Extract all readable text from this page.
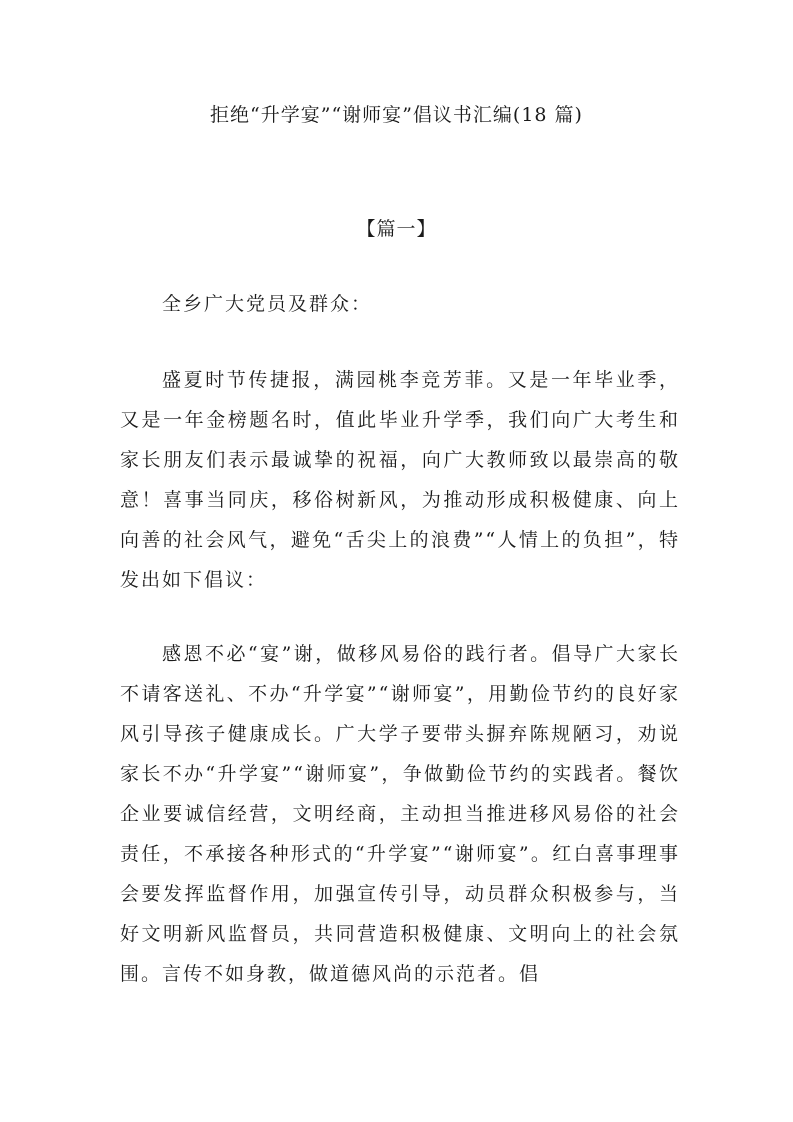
拒绝“升学宴”“谢师宴”倡议书汇编(18 篇)
【篇一】

全乡广大党员及群众：

盛夏时节传捷报，满园桃李竞芳菲。又是一年毕业季，又是一年金榜题名时，值此毕业升学季，我们向广大考生和家长朋友们表示最诚挚的祝福，向广大教师致以最崇高的敬意！喜事当同庆，移俗树新风，为推动形成积极健康、向上向善的社会风气，避免“舌尖上的浪费”“人情上的负担”，特发出如下倡议：

感恩不必“宴”谢，做移风易俗的践行者。倡导广大家长不请客送礼、不办“升学宴”“谢师宴”，用勤俭节约的良好家风引导孩子健康成长。广大学子要带头摒弃陈规陋习，劝说家长不办“升学宴”“谢师宴”，争做勤俭节约的实践者。餐饮企业要诚信经营，文明经商，主动担当推进移风易俗的社会责任，不承接各种形式的“升学宴”“谢师宴”。红白喜事理事会要发挥监督作用，加强宣传引导，动员群众积极参与，当好文明新风监督员，共同营造积极健康、文明向上的社会氛围。言传不如身教，做道德风尚的示范者。倡
